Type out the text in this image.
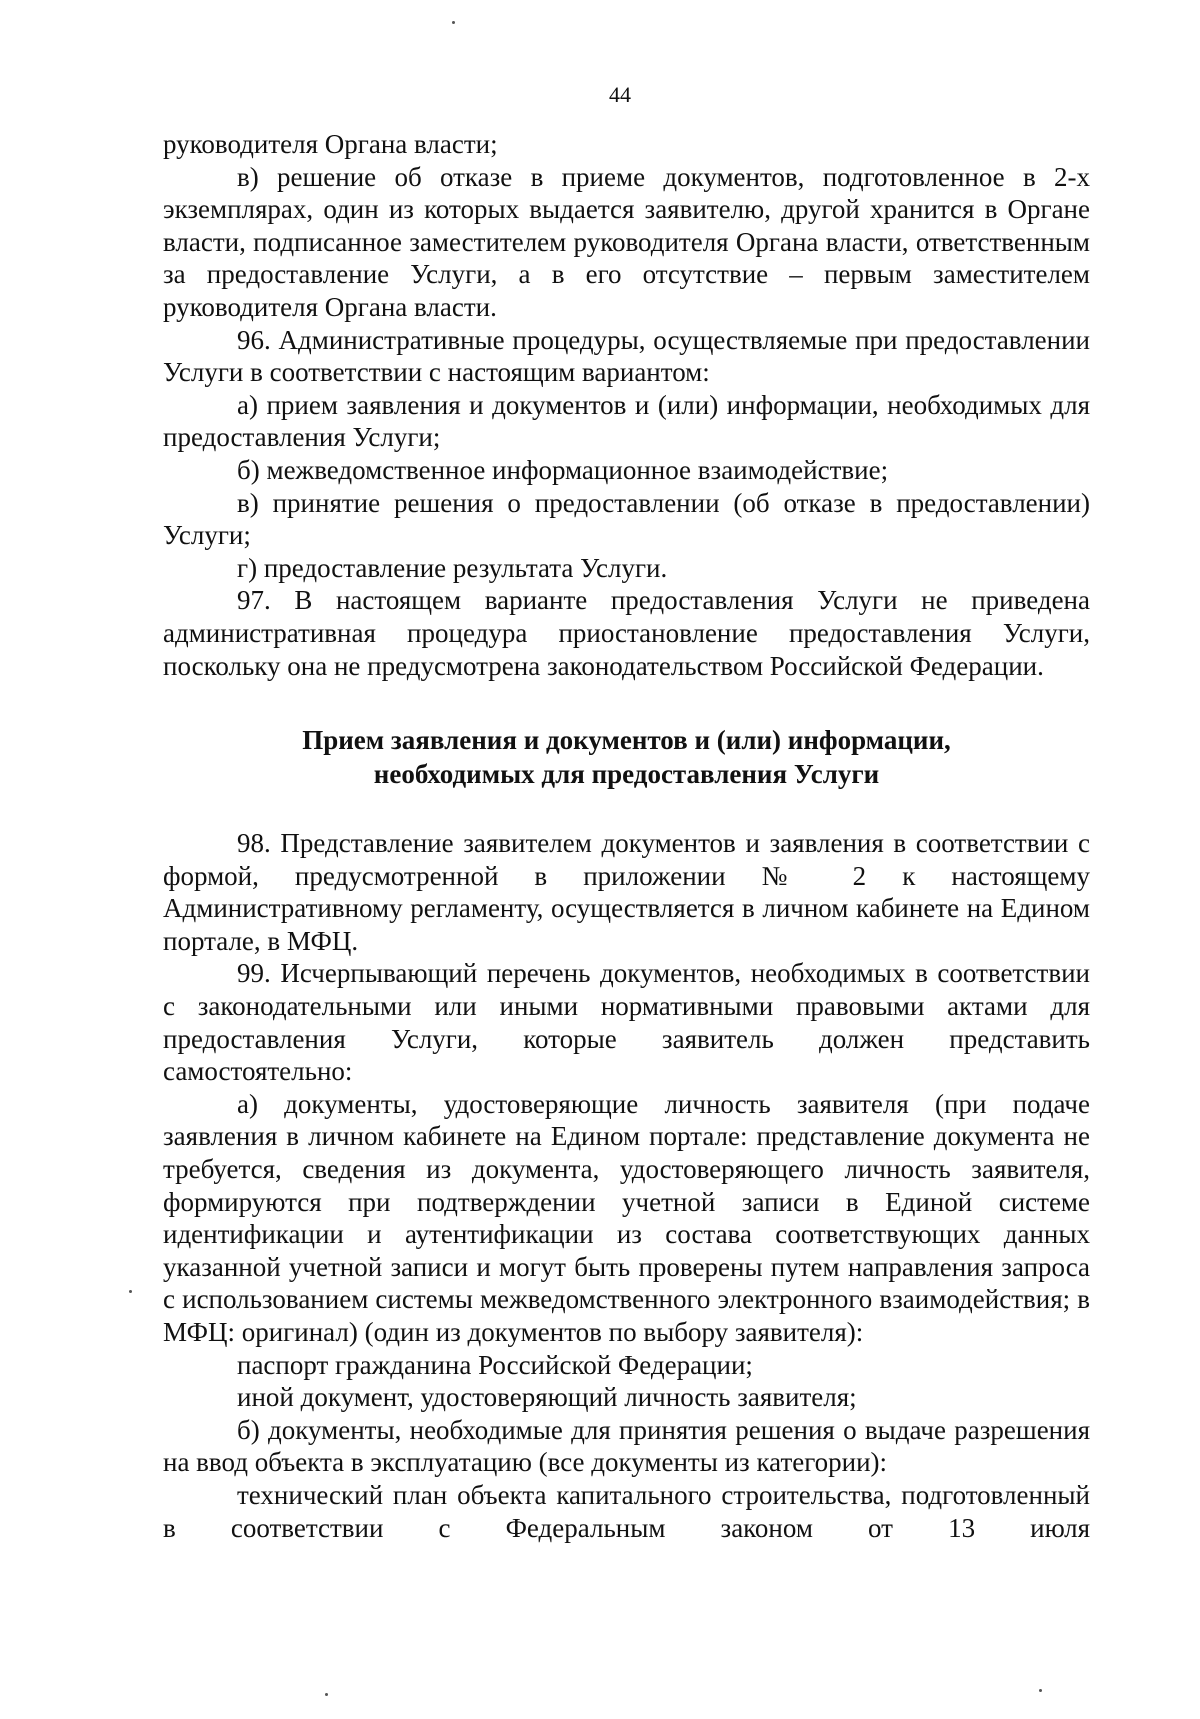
44

руководителя Органа власти;

в) решение об отказе в приеме документов, подготовленное в 2-х экземплярах, один из которых выдается заявителю, другой хранится в Органе власти, подписанное заместителем руководителя Органа власти, ответственным за предоставление Услуги, а в его отсутствие – первым заместителем руководителя Органа власти.

96. Административные процедуры, осуществляемые при предоставлении Услуги в соответствии с настоящим вариантом:

а) прием заявления и документов и (или) информации, необходимых для предоставления Услуги;

б) межведомственное информационное взаимодействие;

в) принятие решения о предоставлении (об отказе в предоставлении) Услуги;

г) предоставление результата Услуги.

97. В настоящем варианте предоставления Услуги не приведена административная процедура приостановление предоставления Услуги, поскольку она не предусмотрена законодательством Российской Федерации.

Прием заявления и документов и (или) информации,
необходимых для предоставления Услуги

98. Представление заявителем документов и заявления в соответствии с формой, предусмотренной в приложении № 2 к настоящему Административному регламенту, осуществляется в личном кабинете на Едином портале, в МФЦ.

99. Исчерпывающий перечень документов, необходимых в соответствии с законодательными или иными нормативными правовыми актами для предоставления Услуги, которые заявитель должен представить самостоятельно:

а) документы, удостоверяющие личность заявителя (при подаче заявления в личном кабинете на Едином портале: представление документа не требуется, сведения из документа, удостоверяющего личность заявителя, формируются при подтверждении учетной записи в Единой системе идентификации и аутентификации из состава соответствующих данных указанной учетной записи и могут быть проверены путем направления запроса с использованием системы межведомственного электронного взаимодействия; в МФЦ: оригинал) (один из документов по выбору заявителя):

паспорт гражданина Российской Федерации;

иной документ, удостоверяющий личность заявителя;

б) документы, необходимые для принятия решения о выдаче разрешения на ввод объекта в эксплуатацию (все документы из категории):

технический план объекта капитального строительства, подготовленный в соответствии с Федеральным законом от 13 июля
